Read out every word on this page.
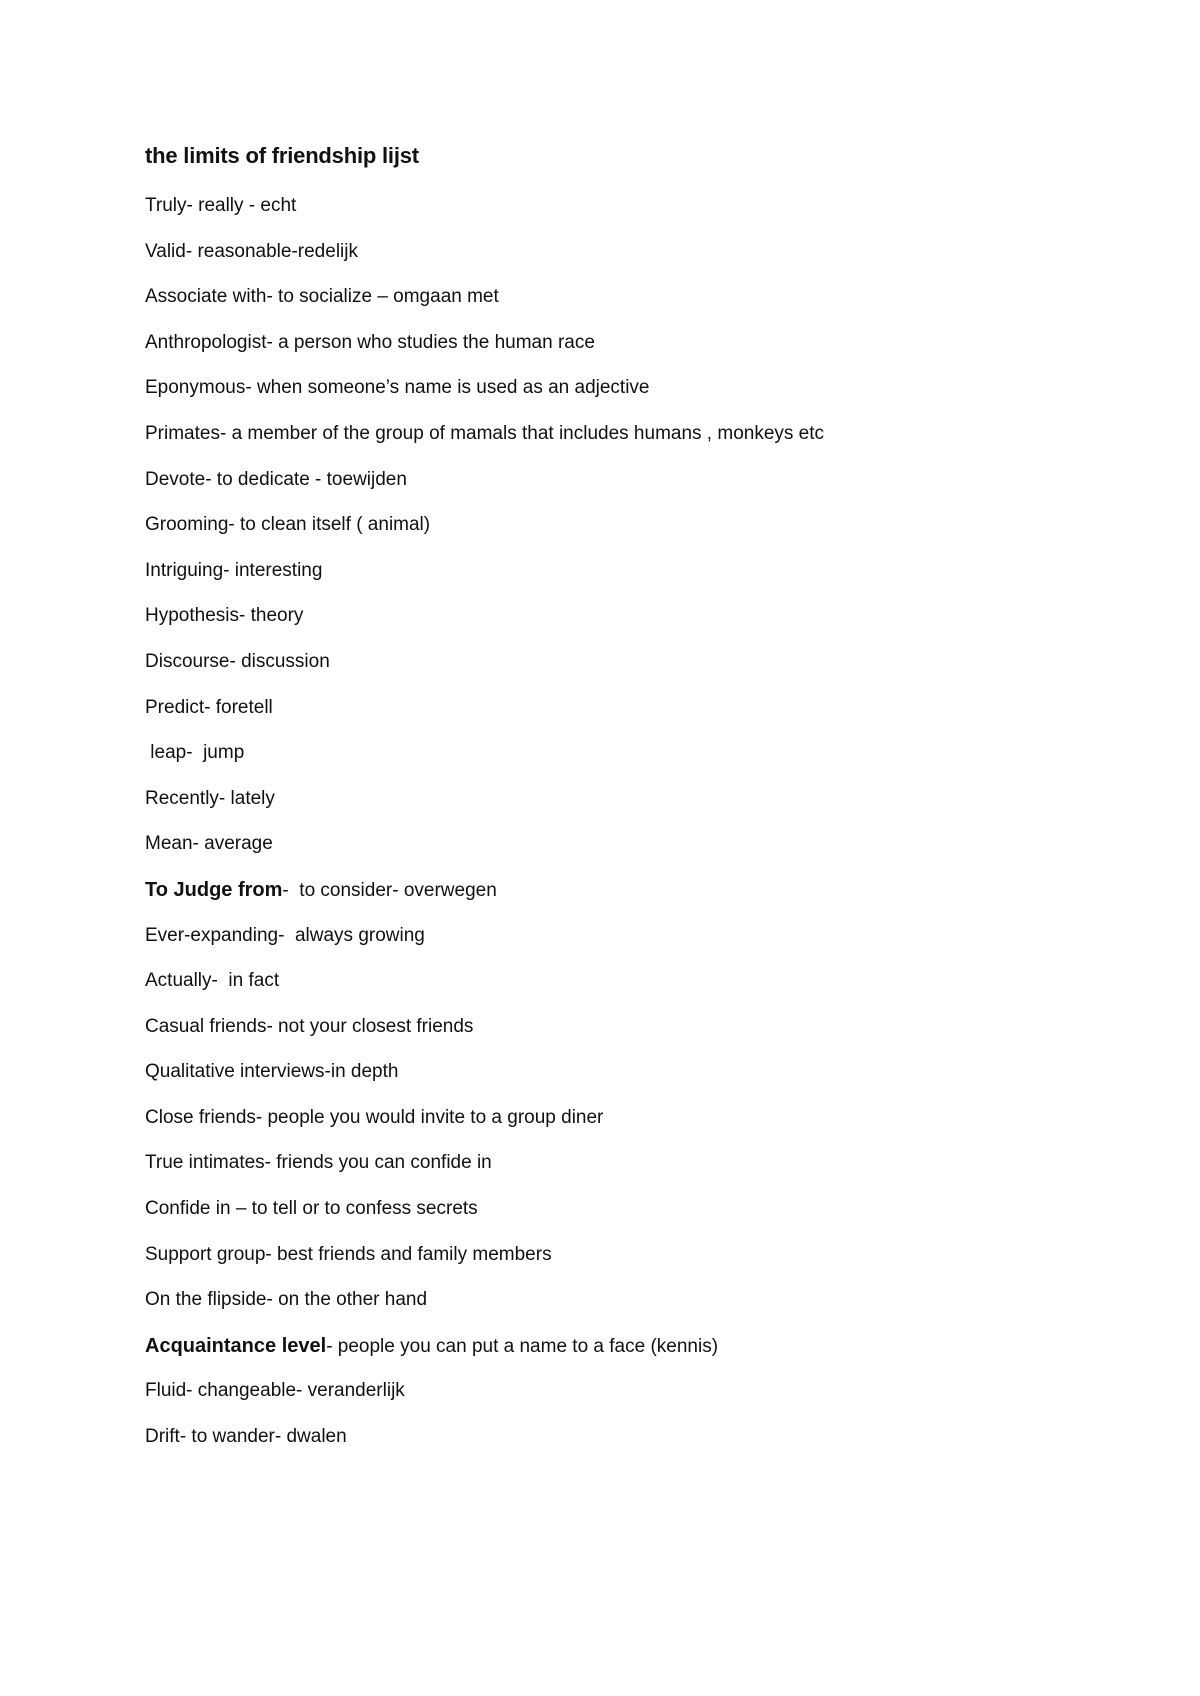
the limits of friendship lijst
Truly- really - echt
Valid- reasonable-redelijk
Associate with- to socialize – omgaan met
Anthropologist- a person who studies the human race
Eponymous- when someone’s name is used as an adjective
Primates- a member of the group of mamals that includes humans , monkeys etc
Devote- to dedicate - toewijden
Grooming- to clean itself ( animal)
Intriguing- interesting
Hypothesis- theory
Discourse- discussion
Predict- foretell
leap-  jump
Recently- lately
Mean- average
To Judge from-  to consider- overwegen
Ever-expanding-  always growing
Actually-  in fact
Casual friends- not your closest friends
Qualitative interviews-in depth
Close friends- people you would invite to a group diner
True intimates- friends you can confide in
Confide in – to tell or to confess secrets
Support group- best friends and family members
On the flipside- on the other hand
Acquaintance level- people you can put a name to a face (kennis)
Fluid- changeable- veranderlijk
Drift- to wander- dwalen
